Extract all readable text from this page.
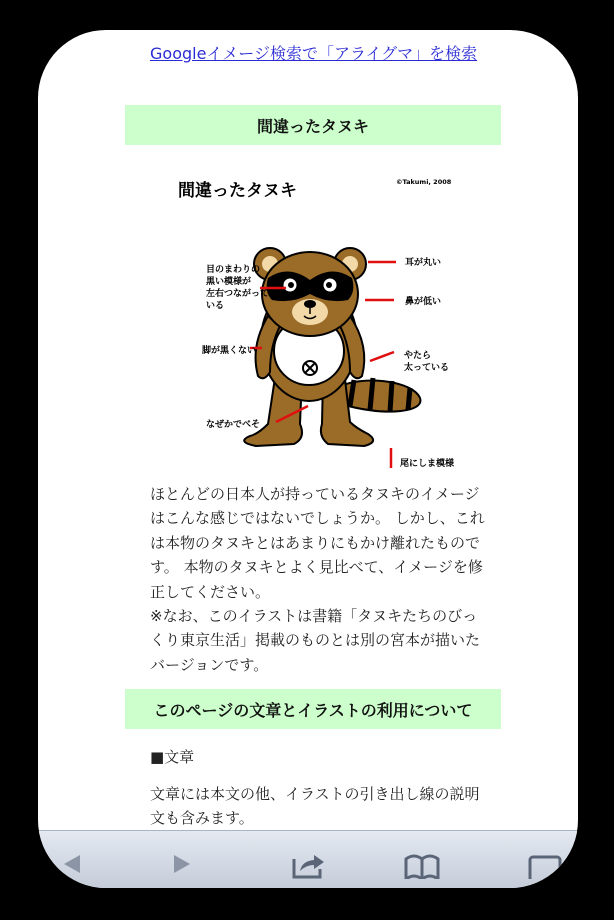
Googleイメージ検索で「アライグマ」を検索
間違ったタヌキ
間違ったタヌキ	©Takumi, 2008
目のまわりの 黒い模様が 左右つながって いる
脚が黒くない
なぜかでべそ
耳が丸い
鼻が低い
やたら 太っている
尾にしま模様
ほとんどの日本人が持っているタヌキのイメージはこんな感じではないでしょうか。 しかし、これは本物のタヌキとはあまりにもかけ離れたものです。 本物のタヌキとよく見比べて、イメージを修正してください。
※なお、このイラストは書籍「タヌキたちのびっくり東京生活」掲載のものとは別の宮本が描いたバージョンです。
このページの文章とイラストの利用について
■文章
文章には本文の他、イラストの引き出し線の説明文も含みます。
